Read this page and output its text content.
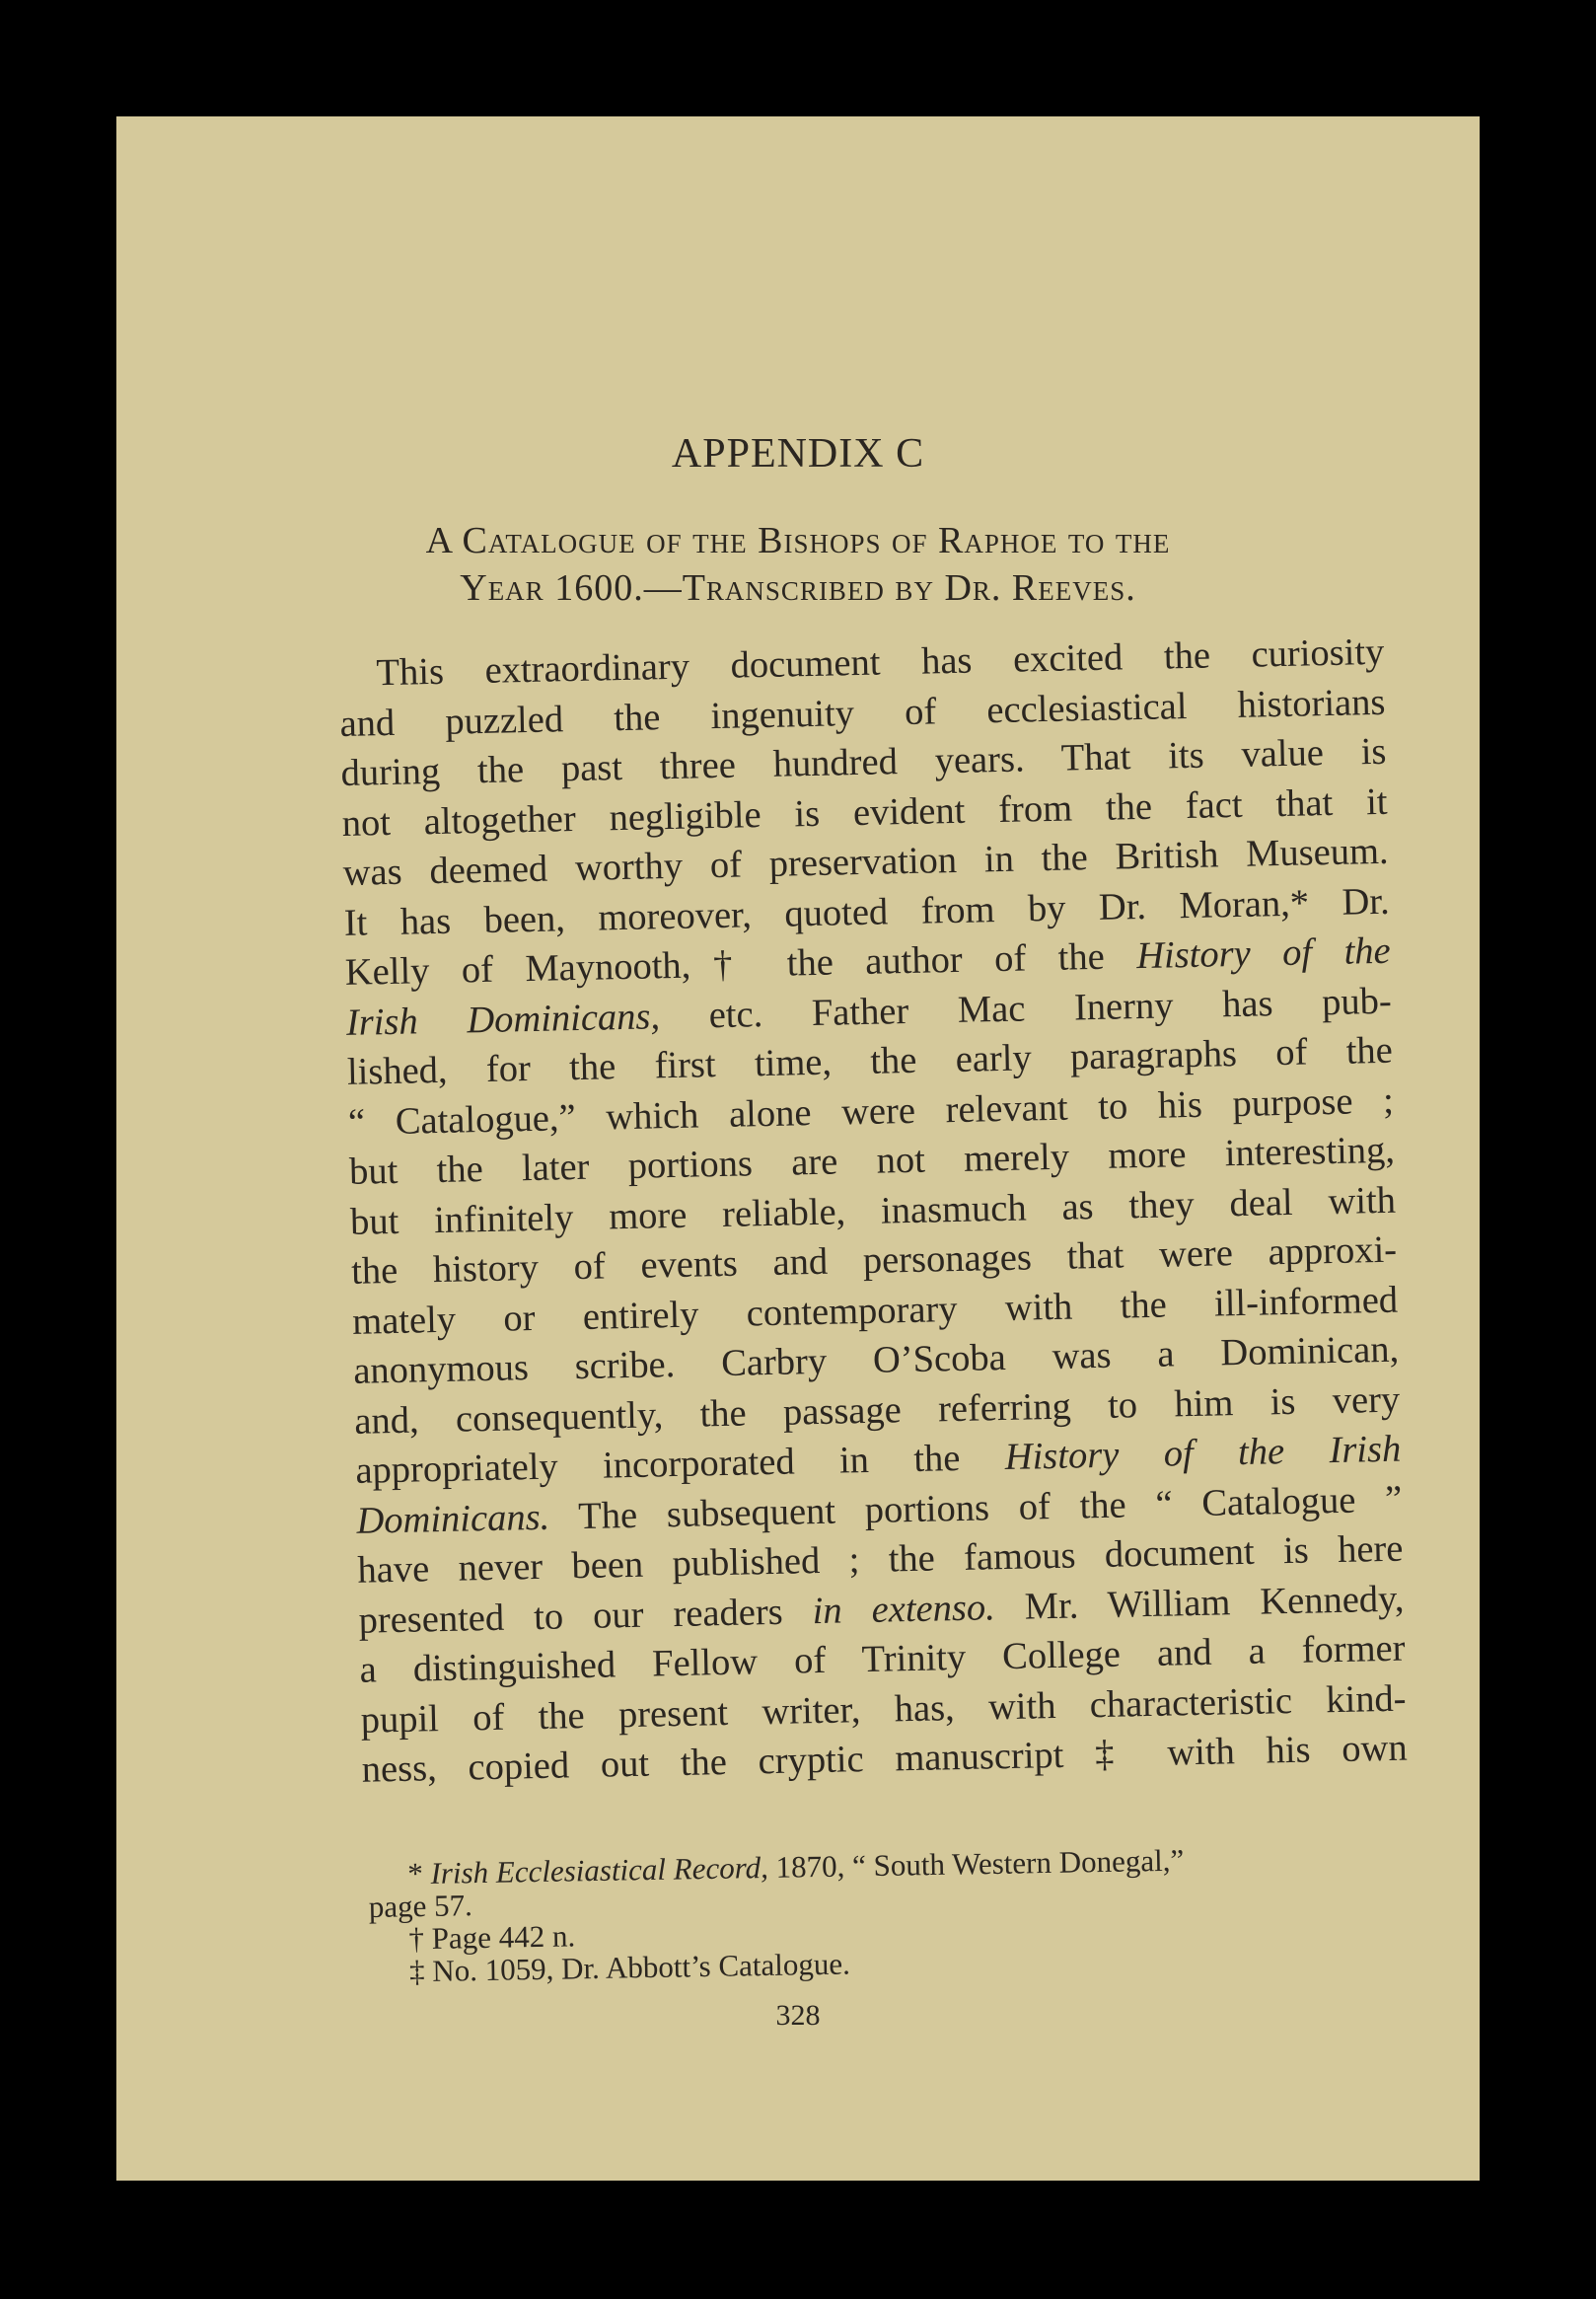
APPENDIX C
A Catalogue of the Bishops of Raphoe to the
Year 1600.—Transcribed by Dr. Reeves.
This extraordinary document has excited the curiosity
and puzzled the ingenuity of ecclesiastical historians
during the past three hundred years. That its value is
not altogether negligible is evident from the fact that it
was deemed worthy of preservation in the British Museum.
It has been, moreover, quoted from by Dr. Moran,* Dr.
Kelly of Maynooth,† the author of the History of the
Irish Dominicans, etc. Father Mac Inerny has pub-
lished, for the first time, the early paragraphs of the
“ Catalogue,” which alone were relevant to his purpose ;
but the later portions are not merely more interesting,
but infinitely more reliable, inasmuch as they deal with
the history of events and personages that were approxi-
mately or entirely contemporary with the ill-informed
anonymous scribe. Carbry O’Scoba was a Dominican,
and, consequently, the passage referring to him is very
appropriately incorporated in the History of the Irish
Dominicans. The subsequent portions of the “ Catalogue ”
have never been published ; the famous document is here
presented to our readers in extenso. Mr. William Kennedy,
a distinguished Fellow of Trinity College and a former
pupil of the present writer, has, with characteristic kind-
ness, copied out the cryptic manuscript ‡ with his own
* Irish Ecclesiastical Record, 1870, “ South Western Donegal,”
page 57.
† Page 442 n.
‡ No. 1059, Dr. Abbott’s Catalogue.
328
